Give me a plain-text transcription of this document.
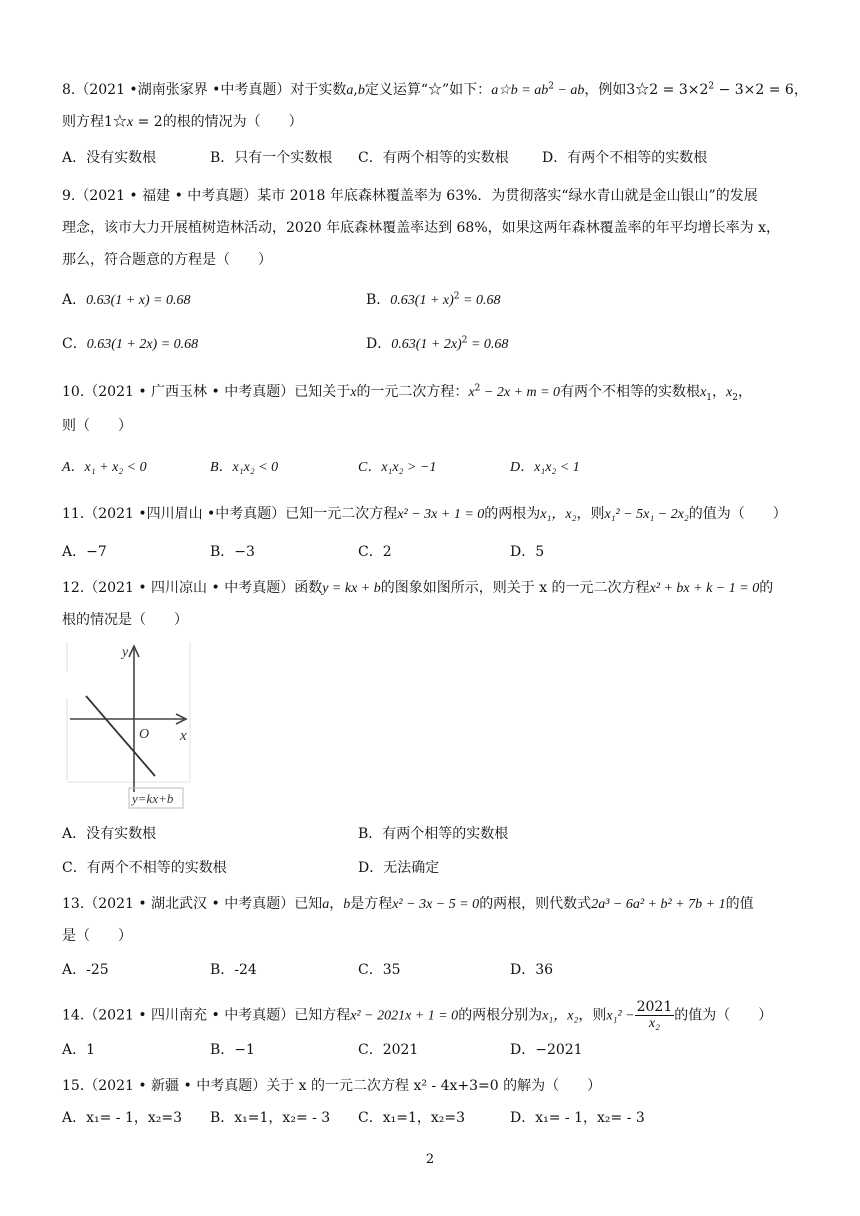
8.（2021 •湖南张家界 •中考真题）对于实数a,b定义运算“☆”如下：a☆b = $ab^2$ − ab，例如3☆2 = $3\times 2^2 - 3\times 2 = 6$，
则方程1☆x = 2的根的情况为（　　）
A．没有实数根	B．只有一个实数根 C．有两个相等的实数根 D．有两个不相等的实数根
9.（2021 • 福建 • 中考真题）某市 2018 年底森林覆盖率为 63%．为贯彻落实“绿水青山就是金山银山”的发展
理念，该市大力开展植树造林活动，2020 年底森林覆盖率达到 68%，如果这两年森林覆盖率的年平均增长率为 x，
那么，符合题意的方程是（　　）
A．0.63(1 + x) = 0.68	B．$0.63(1 + x)^2 = 0.68$
C．0.63(1 + 2x) = 0.68	D．$0.63(1 + 2x)^2 = 0.68$
10.（2021 • 广西玉林 • 中考真题）已知关于x的一元二次方程：$x^2 - 2x + m = 0$有两个不相等的实数根$x_1$，$x_2$，
则（　　）
A．x₁ + x₂ < 0	B．x₁x₂ < 0	C．x₁x₂ > −1	D．x₁x₂ < 1
11.（2021 •四川眉山 •中考真题）已知一元二次方程x² − 3x + 1 = 0的两根为x₁，x₂，则x₁² − 5x₁ − 2x₂的值为（　　）
A．−7	B．−3	C．2	D．5
12.（2021 • 四川凉山 • 中考真题）函数y = kx + b的图象如图所示，则关于 x 的一元二次方程x² + bx + k − 1 = 0的
根的情况是（　　）
y
x
O
y=kx+b
A．没有实数根	B．有两个相等的实数根
C．有两个不相等的实数根	D．无法确定
13.（2021 • 湖北武汉 • 中考真题）已知a，b是方程x² − 3x − 5 = 0的两根，则代数式2a³ − 6a² + b² + 7b + 1的值
是（　　）
A．-25	B．-24	C．35	D．36
14.（2021 • 四川南充 • 中考真题）已知方程x² − 2021x + 1 = 0的两根分别为x₁，x₂，则$x_1^2 - \frac{2021}{\text{x₂}}$ 的值为（　　）
A．1	B．−1	C．2021	D．−2021
15.（2021 • 新疆 • 中考真题）关于 x 的一元二次方程 x² - 4x+3=0 的解为（　　）
A．x₁= - 1，x₂=3 B．x₁=1，x₂= - 3 C．x₁=1，x₂=3	D．x₁= - 1，x₂= - 3
2
